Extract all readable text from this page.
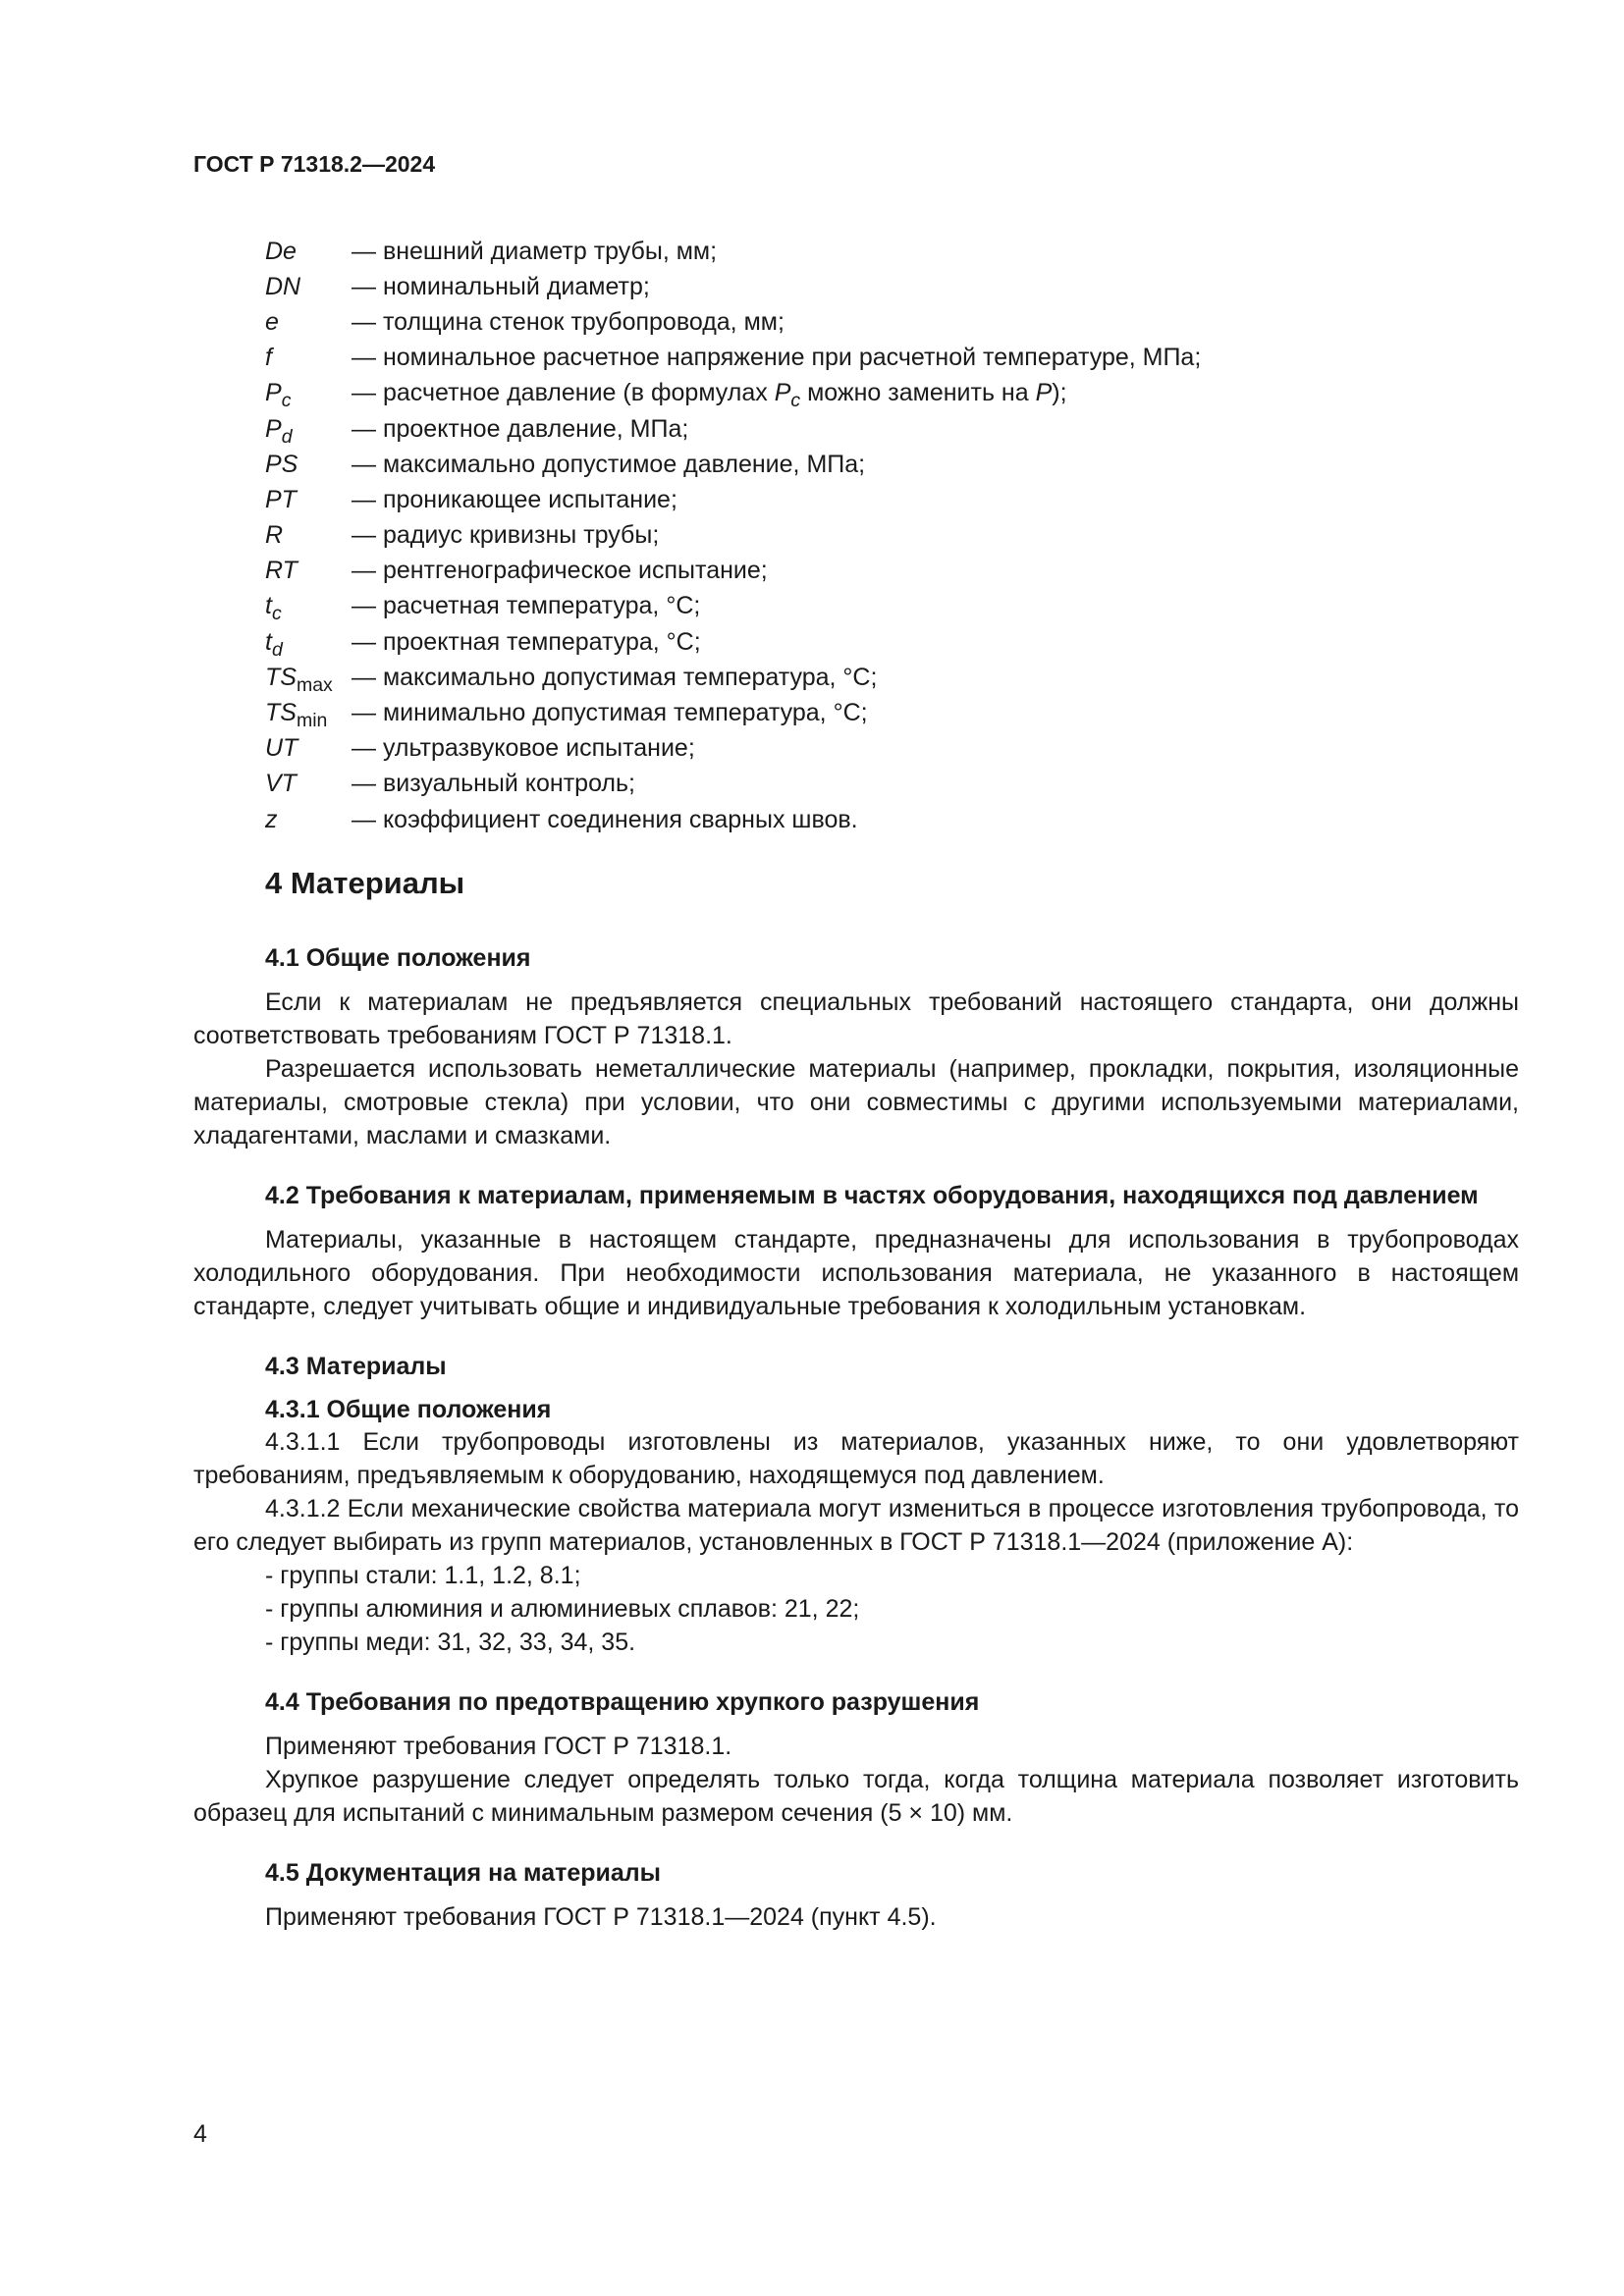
ГОСТ Р 71318.2—2024
De	— внешний диаметр трубы, мм;
DN	— номинальный диаметр;
e	— толщина стенок трубопровода, мм;
f	— номинальное расчетное напряжение при расчетной температуре, МПа;
$P_c$	— расчетное давление (в формулах $P_c$ можно заменить на P);
$P_d$	— проектное давление, МПа;
PS	— максимально допустимое давление, МПа;
PT	— проникающее испытание;
R	— радиус кривизны трубы;
RT	— рентгенографическое испытание;
$t_c$	— расчетная температура, °C;
$t_d$	— проектная температура, °C;
$TS_{max}$ — максимально допустимая температура, °C;
$TS_{min}$ — минимально допустимая температура, °C;
UT	— ультразвуковое испытание;
VT	— визуальный контроль;
z	— коэффициент соединения сварных швов.
4 Материалы
4.1 Общие положения

Если к материалам не предъявляется специальных требований настоящего стандарта, они должны соответствовать требованиям ГОСТ Р 71318.1.

Разрешается использовать неметаллические материалы (например, прокладки, покрытия, изоляционные материалы, смотровые стекла) при условии, что они совместимы с другими используемыми материалами, хладагентами, маслами и смазками.

4.2 Требования к материалам, применяемым в частях оборудования, находящихся под давлением

Материалы, указанные в настоящем стандарте, предназначены для использования в трубопроводах холодильного оборудования. При необходимости использования материала, не указанного в настоящем стандарте, следует учитывать общие и индивидуальные требования к холодильным установкам.

4.3 Материалы
4.3.1 Общие положения

4.3.1.1 Если трубопроводы изготовлены из материалов, указанных ниже, то они удовлетворяют требованиям, предъявляемым к оборудованию, находящемуся под давлением.

4.3.1.2 Если механические свойства материала могут измениться в процессе изготовления трубопровода, то его следует выбирать из групп материалов, установленных в ГОСТ Р 71318.1—2024 (приложение А):

- группы стали: 1.1, 1.2, 8.1;

- группы алюминия и алюминиевых сплавов: 21, 22;

- группы меди: 31, 32, 33, 34, 35.

4.4 Требования по предотвращению хрупкого разрушения

Применяют требования ГОСТ Р 71318.1.

Хрупкое разрушение следует определять только тогда, когда толщина материала позволяет изготовить образец для испытаний с минимальным размером сечения (5 × 10) мм.

4.5 Документация на материалы

Применяют требования ГОСТ Р 71318.1—2024 (пункт 4.5).

4
